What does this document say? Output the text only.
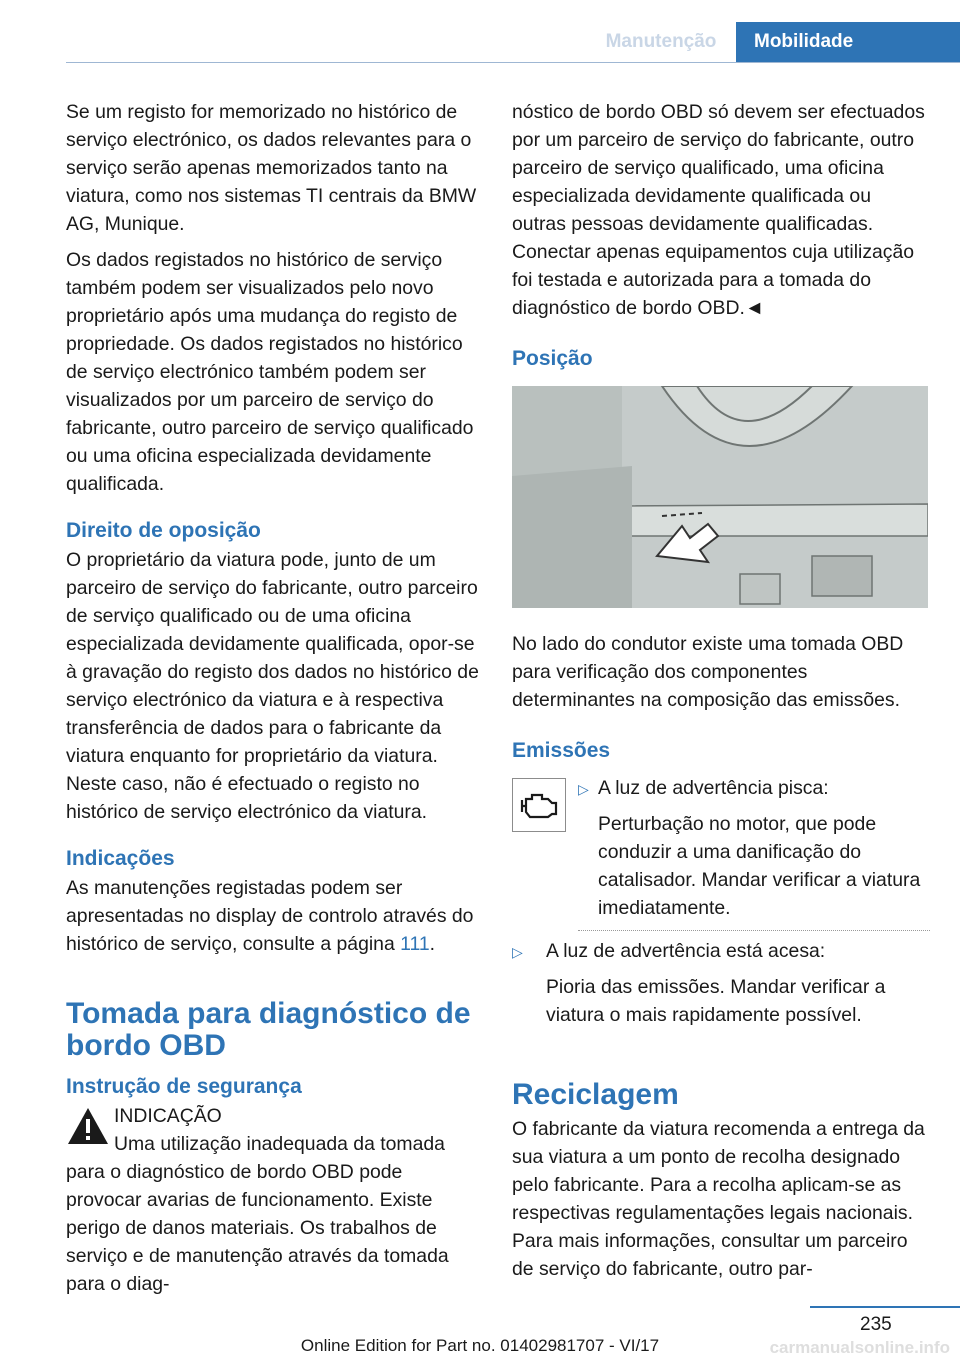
Manutenção	Mobilidade

Se um registo for memorizado no histórico de serviço electrónico, os dados relevantes para o serviço serão apenas memorizados tanto na viatura, como nos sistemas TI centrais da BMW AG, Munique.

Os dados registados no histórico de serviço também podem ser visualizados pelo novo proprietário após uma mudança do registo de propriedade. Os dados registados no histórico de serviço electrónico também podem ser visualizados por um parceiro de serviço do fabricante, outro parceiro de serviço qualificado ou uma oficina especializada devidamente qualificada.

Direito de oposição

O proprietário da viatura pode, junto de um parceiro de serviço do fabricante, outro parceiro de serviço qualificado ou de uma oficina especializada devidamente qualificada, opor-se à gravação do registo dos dados no histórico de serviço electrónico da viatura e à respectiva transferência de dados para o fabricante da viatura enquanto for proprietário da viatura. Neste caso, não é efectuado o registo no histórico de serviço electrónico da viatura.

Indicações

As manutenções registadas podem ser apresentadas no display de controlo através do histórico de serviço, consulte a página 111.

Tomada para diagnóstico de bordo OBD
Instrução de segurança

INDICAÇÃO

Uma utilização inadequada da tomada para o diagnóstico de bordo OBD pode provocar avarias de funcionamento. Existe perigo de danos materiais. Os trabalhos de serviço e de manutenção através da tomada para o diag-

nóstico de bordo OBD só devem ser efectuados por um parceiro de serviço do fabricante, outro parceiro de serviço qualificado, uma oficina especializada devidamente qualificada ou outras pessoas devidamente qualificadas. Conectar apenas equipamentos cuja utilização foi testada e autorizada para a tomada do diagnóstico de bordo OBD.◄

Posição

No lado do condutor existe uma tomada OBD para verificação dos componentes determinantes na composição das emissões.

Emissões
▷ A luz de advertência pisca:
Perturbação no motor, que pode conduzir a uma danificação do catalisador. Mandar verificar a viatura imediatamente.
▷	A luz de advertência está acesa:
Pioria das emissões. Mandar verificar a viatura o mais rapidamente possível.
Reciclagem

O fabricante da viatura recomenda a entrega da sua viatura a um ponto de recolha designado pelo fabricante. Para a recolha aplicam-se as respectivas regulamentações legais nacionais. Para mais informações, consultar um parceiro de serviço do fabricante, outro par-

235
Online Edition for Part no. 01402981707 - VI/17	carmanualsonline.info
